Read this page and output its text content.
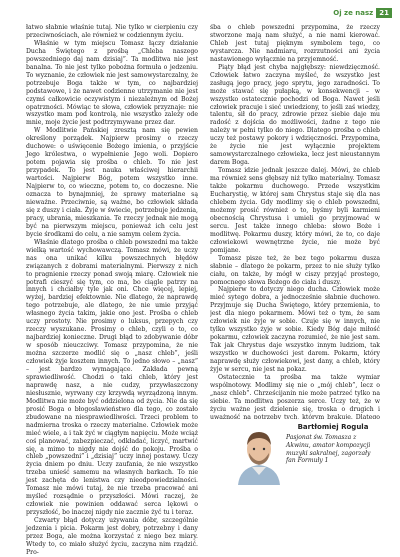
Oj ze nasz 21

łatwo słabnie właśnie tutaj. Nie tylko w cierpieniu czy przeciwnościach, ale również w codziennym życiu.

Właśnie w tym miejscu Tomasz łączy działanie Ducha Świętego z prośbą „Chleba naszego powszedniego daj nam dzisiaj”. Ta modlitwa nie jest banalna. To nie jest tylko pobożna formuła o jedzeniu. To wyznanie, że człowiek nie jest samowystarczalny, że potrzebuje Boga także w tym, co najbardziej podstawowe, i że nawet codzienne utrzymanie nie jest czymś całkowicie oczywistym i niezależnym od Bożej opatrzności. Mówiąc te słowa, człowiek przyznaje: nie wszystko mam pod kontrolą, nie wszystko zależy ode mnie, moje życie jest podtrzymywane przez dar.

W Modlitwie Pańskiej zresztą nam się pewien określony porządek. Najpierw prosimy o rzeczy duchowe: o uświęcenie Bożego imienia, o przyjście Jego królestwa, o wypełnienie Jego woli. Dopiero potem pojawia się prośba o chleb. To nie jest przypadek. To jest nauka właściwej hierarchii wartości. Najpierw Bóg, potem wszystko inne. Najpierw to, co wieczne, potem to, co doczesne. Nie oznacza to bynajmniej, że sprawy materialne są nieważne. Przeciwnie, są ważne, bo człowiek składa się z duszy i ciała. Żyje w świecie, potrzebuje jedzenia, pracy, ubrania, mieszkania. Te rzeczy jednak nie mogą być na pierwszym miejscu, ponieważ ich celu jest bycie środkami do celu, a nie samym celem życia.

Właśnie dlatego prośba o chleb powszedni ma także wielką wartość wychowawczą. Tomasz mówi, że uczy nas ona unikać kilku powszechnych błędów związanych z dobrami materialnymi. Pierwszy z nich to pragnienie rzeczy ponad swoją miarę. Człowiek nie potrafi cieszyć się tym, co ma, bo ciągle patrzy na innych i chciałby tyle jak oni. Chce więcej, lepiej, wyżej, bardziej efektownie. Nie dlatego, że naprawdę tego potrzebuje, ale dlatego, że nie umie przyjąć własnego życia takim, jakie ono jest. Prośba o chleb uczy prostoty. Nie prosimy o luksus, przepych czy rzeczy wyszukane. Prosimy o chleb, czyli o to, co najbardziej konieczne. Drugi błąd to zdobywanie dóbr w sposób nieuczciwy. Tomasz przypomina, że nie można szczerze modlić się o „nasz chleb”, jeśli człowiek żyje kosztem innych. To jedno słowo – „nasz” – jest bardzo wymagające. Zakłada pewną sprawiedliwość. Chodzi o taki chleb, który jest naprawdę nasz, a nie cudzy, przywłaszczony niesłusznie, wyrwany czy krzywdą wyrządzoną innym. Modlitwa nie może być oddzielona od życia. Nie da się prosić Boga o błogosławieństwo dla tego, co zostało zbudowane na niesprawiedliwości. Trzeci problem to nadmierna troska o rzeczy materialne. Człowiek może mieć wiele, a i tak żyć w ciągłym napięciu. Może wciąż coś planować, zabezpieczać, odkładać, liczyć, martwić się, a mimo to nigdy nie dojść do pokoju. Prośba o chleb „powszedni” i „dzisiaj” uczy innej postawy. Uczy życia dniem po dniu. Uczy zaufania, że nie wszystko trzeba unieść samemu na własnych barkach. To nie jest zachęta do lenistwa czy nieodpowiedzialności. Tomasz nie mówi tutaj, że nie trzeba pracować ani myśleć rozsądnie o przyszłości. Mówi raczej, że człowiek nie powinien oddawać serca lękowi o przyszłość, bo inaczej nigdy nie zacznie żyć tu i teraz.

Czwarty błąd dotyczy używania dóbr, szczególnie jedzenia i picia. Pokarm jest dobry, potrzebny i dany przez Boga, ale można korzystać z niego bez miary. Wtedy to, co miało służyć życiu, zaczyna nim rządzić. Pro-

śba o chleb powszedni przypomina, że rzeczy stworzone mają nam służyć, a nie nami kierować. Chleb jest tutaj pięknym symbolem tego, co wystarcza. Nie nadmiaru, rozrzutności ani życia nastawionego wyłącznie na przyjemność.

Piąty błąd jest chyba najgłębszy: niewdzięczność. Człowiek łatwo zaczyna myśleć, że wszystko jest zasługą jego pracy, jego sprytu, jego zaradności. To może stawać się pułapką, w konsekwencji – w wszystko ostatecznie pochodzi od Boga. Nawet jeśli człowiek pracuje i sieć uwiedziony, to jeśli zaś wiedzy, talentu, sił do pracy, zdrowie przez siebie daje mu radość z dojścia do możliwości, żadne z tego nie należy w pełni tylko do niego. Dlatego prośba o chleb uczy też postawy pokory i wdzięczności. Przypomina, że życie nie jest wyłącznie projektem samowystarczalnego człowieka, lecz jest nieustannym darem Boga.

Tomasz idzie jednak jeszcze dalej. Mówi, że chleb ma również sens głębszy niż tylko materialny. Tomasz także pokarmu duchowego. Przede wszystkim Eucharystię, w której sam Chrystus staje się dla nas chlebem życia. Gdy modlimy się o chleb powszedni, możemy prosić również o to, byśmy byli karmieni obecnością Chrystusa i umieli go przyjmować w sercu. Jest także innego chleba: słowo Boże i modlitwę. Pokarmu duszy, który mówi, że to, co daje człowiekowi wewnętrzne życie, nie może być pomijane.

Tomasz pisze też, że bez tego pokarmu dusza słabnie – dlatego że pokarm, przez to nie służy tylko ciału, on także, by mógł w ciszy przyjąć prostego, pomocnego słowa Bożego do ciała i duszy.

Najpierw to dotyczy niego ducha. Człowiek może mieć sytego dobra, a jednocześnie słabnie duchowo. Przyjmuje się Ducha Świętego, który przemienia, to jest dla niego pokarmem. Mówi też o tym, że sam człowiek nie żyje w sobie. Czuje się w innych, nie tylko wszystko żyje w sobie. Kiedy Bóg daje miłość pokarmu, człowiek zaczyna rozumieć, że nie jest sam. Tak jak Chrystus daje wszystko innym ludziom, tak wszystko w duchowości jest darem. Pokarm, który naprawdę służy człowiekowi, jest dany, a chleb, który żyje w sercu, nie jest na pokaz.

Ostatecznie ta prośba ma także wymiar wspólnotowy. Modlimy się nie o „mój chleb”, lecz o „nasz chleb”. Chrześcijanin nie może patrzeć tylko na siebie. Ta modlitwa poszerza serce. Uczy też, że w życiu ważne jest dzielenie się, troska o drugich i uważność na potrzeby tych, którym brakuje. Dlatego

Bartłomiej Rogula

Pasjonat św. Tomasza z Akwinu, amator kompozycji muzyki sakralnej, zagorzały fan Formuły 1
